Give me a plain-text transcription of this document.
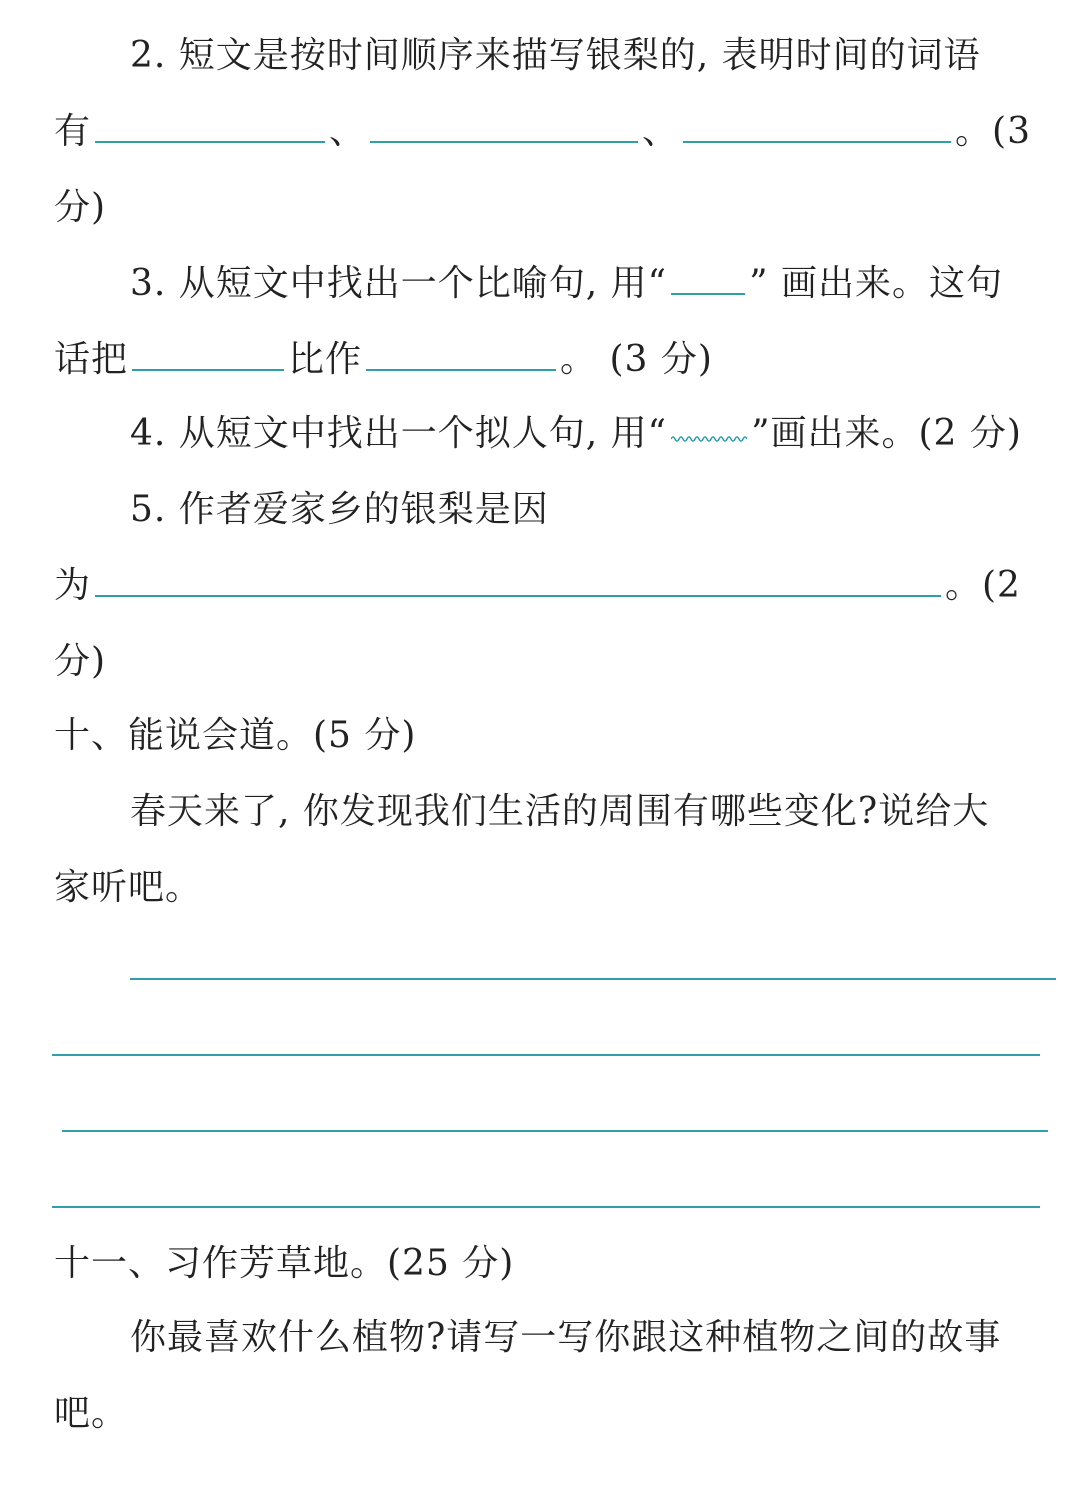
2. 短文是按时间顺序来描写银梨的, 表明时间的词语
有	、	、	。(3
分)
3. 从短文中找出一个比喻句, 用“ ” 画出来。这句
话把	比作	。 (3 分)
4. 从短文中找出一个拟人句, 用“ ”画出来。(2 分)
5. 作者爱家乡的银梨是因
为	。(2
分)
十、能说会道。(5 分)
春天来了, 你发现我们生活的周围有哪些变化?说给大
家听吧。
十一、习作芳草地。(25 分)
你最喜欢什么植物?请写一写你跟这种植物之间的故事
吧。
